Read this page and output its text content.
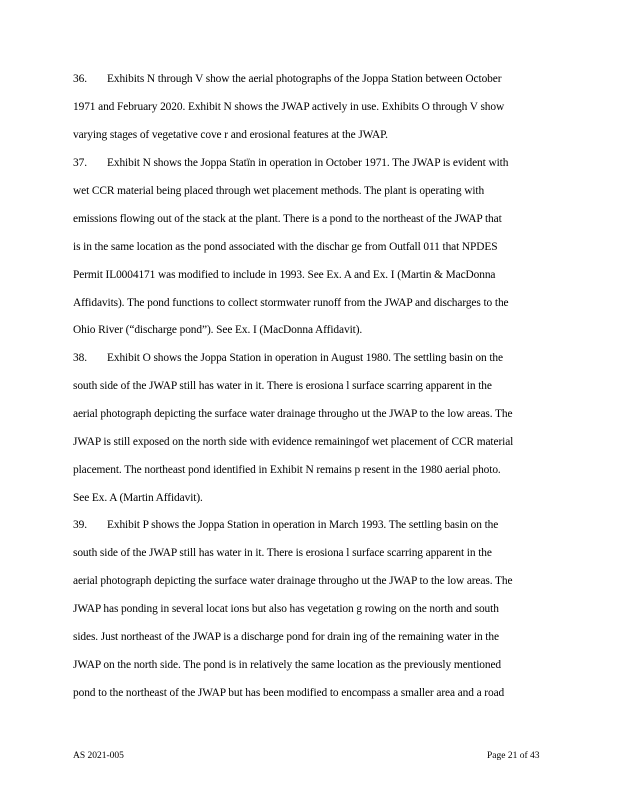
36. Exhibits N through V show the aerial photographs of the Joppa Station between October
1971 and February 2020. Exhibit N shows the JWAP actively in use. Exhibits O through V show
varying stages of vegetative cove r and erosional features at the JWAP.
37. Exhibit N shows the Joppa Statïn in operation in October 1971. The JWAP is evident with
wet CCR material being placed through wet placement methods. The plant is operating with
emissions flowing out of the stack at the plant. There is a pond to the northeast of the JWAP that
is in the same location as the pond associated with the dischar ge from Outfall 011 that NPDES
Permit IL0004171 was modified to include in 1993. See Ex. A and Ex. I (Martin & MacDonna
Affidavits). The pond functions to collect stormwater runoff from the JWAP and discharges to the
Ohio River (“discharge pond”). See Ex. I (MacDonna Affidavit).
38. Exhibit O shows the Joppa Station in operation in August 1980. The settling basin on the
south side of the JWAP still has water in it. There is erosiona l surface scarring apparent in the
aerial photograph depicting the surface water drainage througho ut the JWAP to the low areas. The
JWAP is still exposed on the north side with evidence remainingof wet placement of CCR material
placement. The northeast pond identified in Exhibit N remains p resent in the 1980 aerial photo.
See Ex. A (Martin Affidavit).
39. Exhibit P shows the Joppa Station in operation in March 1993. The settling basin on the
south side of the JWAP still has water in it. There is erosiona l surface scarring apparent in the
aerial photograph depicting the surface water drainage througho ut the JWAP to the low areas. The
JWAP has ponding in several locat ions but also has vegetation g rowing on the north and south
sides. Just northeast of the JWAP is a discharge pond for drain ing of the remaining water in the
JWAP on the north side. The pond is in relatively the same location as the previously mentioned
pond to the northeast of the JWAP but has been modified to encompass a smaller area and a road
AS 2021-005	Page 21 of 43
